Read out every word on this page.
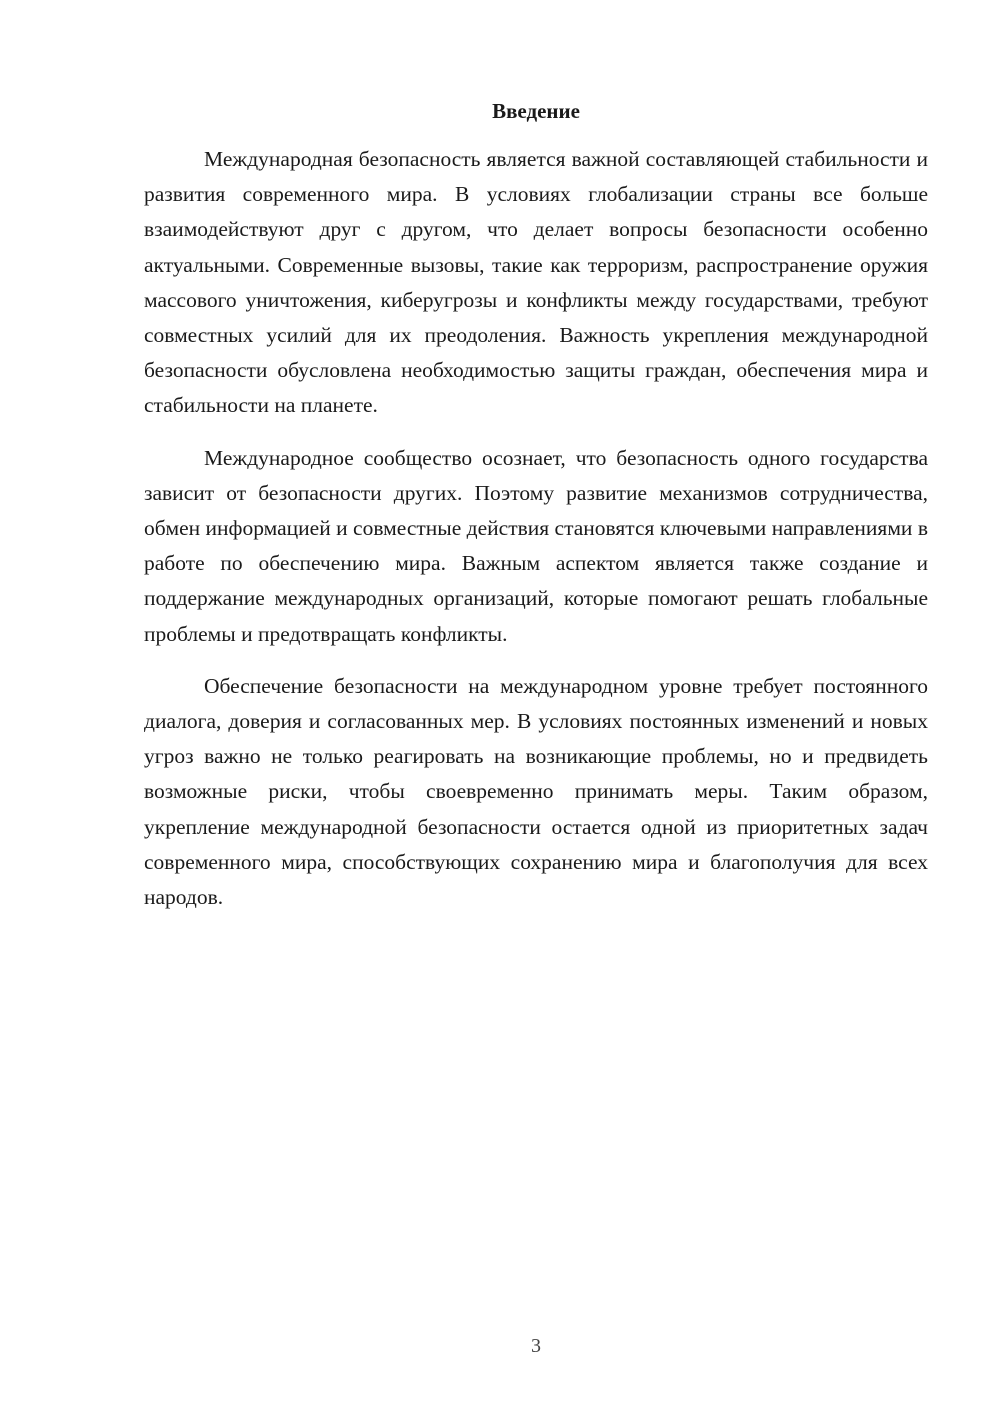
Введение

Международная безопасность является важной составляющей стабильности и развития современного мира. В условиях глобализации страны все больше взаимодействуют друг с другом, что делает вопросы безопасности особенно актуальными. Современные вызовы, такие как терроризм, распространение оружия массового уничтожения, киберугрозы и конфликты между государствами, требуют совместных усилий для их преодоления. Важность укрепления международной безопасности обусловлена необходимостью защиты граждан, обеспечения мира и стабильности на планете.

Международное сообщество осознает, что безопасность одного государства зависит от безопасности других. Поэтому развитие механизмов сотрудничества, обмен информацией и совместные действия становятся ключевыми направлениями в работе по обеспечению мира. Важным аспектом является также создание и поддержание международных организаций, которые помогают решать глобальные проблемы и предотвращать конфликты.

Обеспечение безопасности на международном уровне требует постоянного диалога, доверия и согласованных мер. В условиях постоянных изменений и новых угроз важно не только реагировать на возникающие проблемы, но и предвидеть возможные риски, чтобы своевременно принимать меры. Таким образом, укрепление международной безопасности остается одной из приоритетных задач современного мира, способствующих сохранению мира и благополучия для всех народов.

3
